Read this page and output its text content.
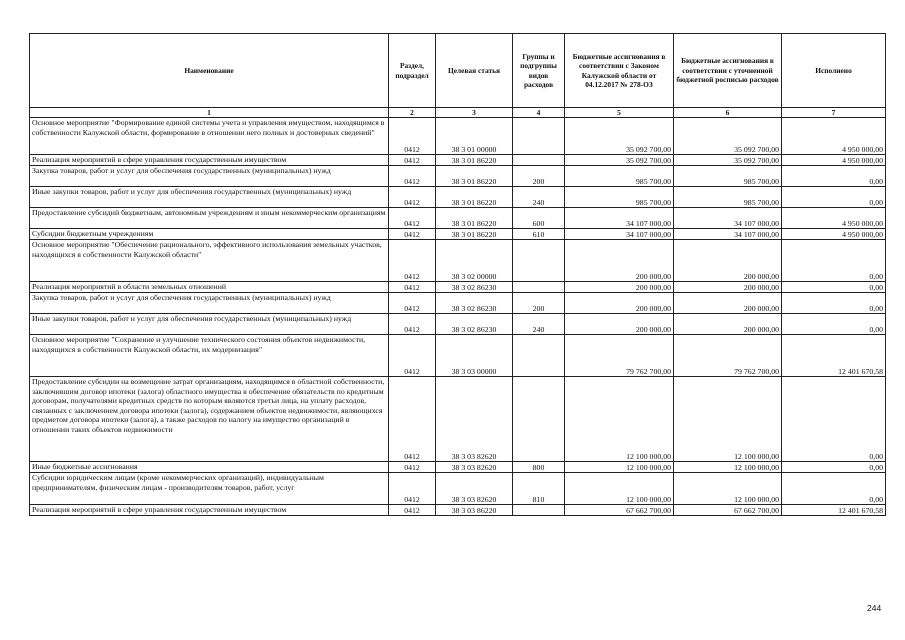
Наименование	Раздел, подраздел	Целевая статья	Группы и подгруппы видов расходов	Бюджетные ассигнования в соответствии с Законом Калужской области от 04.12.2017 № 278-ОЗ	Бюджетные ассигнования в соответствии с уточненной бюджетной росписью расходов	Исполнено
1	2	3	4	5	6	7
Основное мероприятие "Формирование единой системы учета и управления имуществом, находящимся в собственности Калужской области, формирование в отношении него полных и достоверных сведений"	0412	38 3 01 00000		35 092 700,00	35 092 700,00	4 950 000,00
Реализация мероприятий в сфере управления государственным имуществом	0412	38 3 01 86220		35 092 700,00	35 092 700,00	4 950 000,00
Закупка товаров, работ и услуг для обеспечения государственных (муниципальных) нужд	0412	38 3 01 86220	200	985 700,00	985 700,00	0,00
Иные закупки товаров, работ и услуг для обеспечения государственных (муниципальных) нужд	0412	38 3 01 86220	240	985 700,00	985 700,00	0,00
Предоставление субсидий бюджетным, автономным учреждениям и иным некоммерческим организациям	0412	38 3 01 86220	600	34 107 000,00	34 107 000,00	4 950 000,00
Субсидии бюджетным учреждениям	0412	38 3 01 86220	610	34 107 000,00	34 107 000,00	4 950 000,00
Основное мероприятие "Обеспечение рационального, эффективного использования земельных участков, находящихся в собственности Калужской области"	0412	38 3 02 00000		200 000,00	200 000,00	0,00
Реализация мероприятий в области земельных отношений	0412	38 3 02 86230		200 000,00	200 000,00	0,00
Закупка товаров, работ и услуг для обеспечения государственных (муниципальных) нужд	0412	38 3 02 86230	200	200 000,00	200 000,00	0,00
Иные закупки товаров, работ и услуг для обеспечения государственных (муниципальных) нужд	0412	38 3 02 86230	240	200 000,00	200 000,00	0,00
Основное мероприятие "Сохранение и улучшение технического состояния объектов недвижимости, находящихся в собственности Калужской области, их модернизация"	0412	38 3 03 00000		79 762 700,00	79 762 700,00	12 401 670,58
Предоставление субсидии на возмещение затрат организациям, находящимся в областной собственности, заключившим договор ипотеки (залога) областного имущества в обеспечение обязательств по кредитным договорам, получателями кредитных средств по которым являются третьи лица, на уплату расходов, связанных с заключением договора ипотеки (залога), содержанием объектов недвижимости, являющихся предметом договора ипотеки (залога), а также расходов по налогу на имущество организаций в отношении таких объектов недвижимости	0412	38 3 03 82620		12 100 000,00	12 100 000,00	0,00
Иные бюджетные ассигнования	0412	38 3 03 82620	800	12 100 000,00	12 100 000,00	0,00
Субсидии юридическим лицам (кроме некоммерческих организаций), индивидуальным предпринимателям, физическим лицам - производителям товаров, работ, услуг	0412	38 3 03 82620	810	12 100 000,00	12 100 000,00	0,00
Реализация мероприятий в сфере управления государственным имуществом	0412	38 3 03 86220		67 662 700,00	67 662 700,00	12 401 670,58
244
